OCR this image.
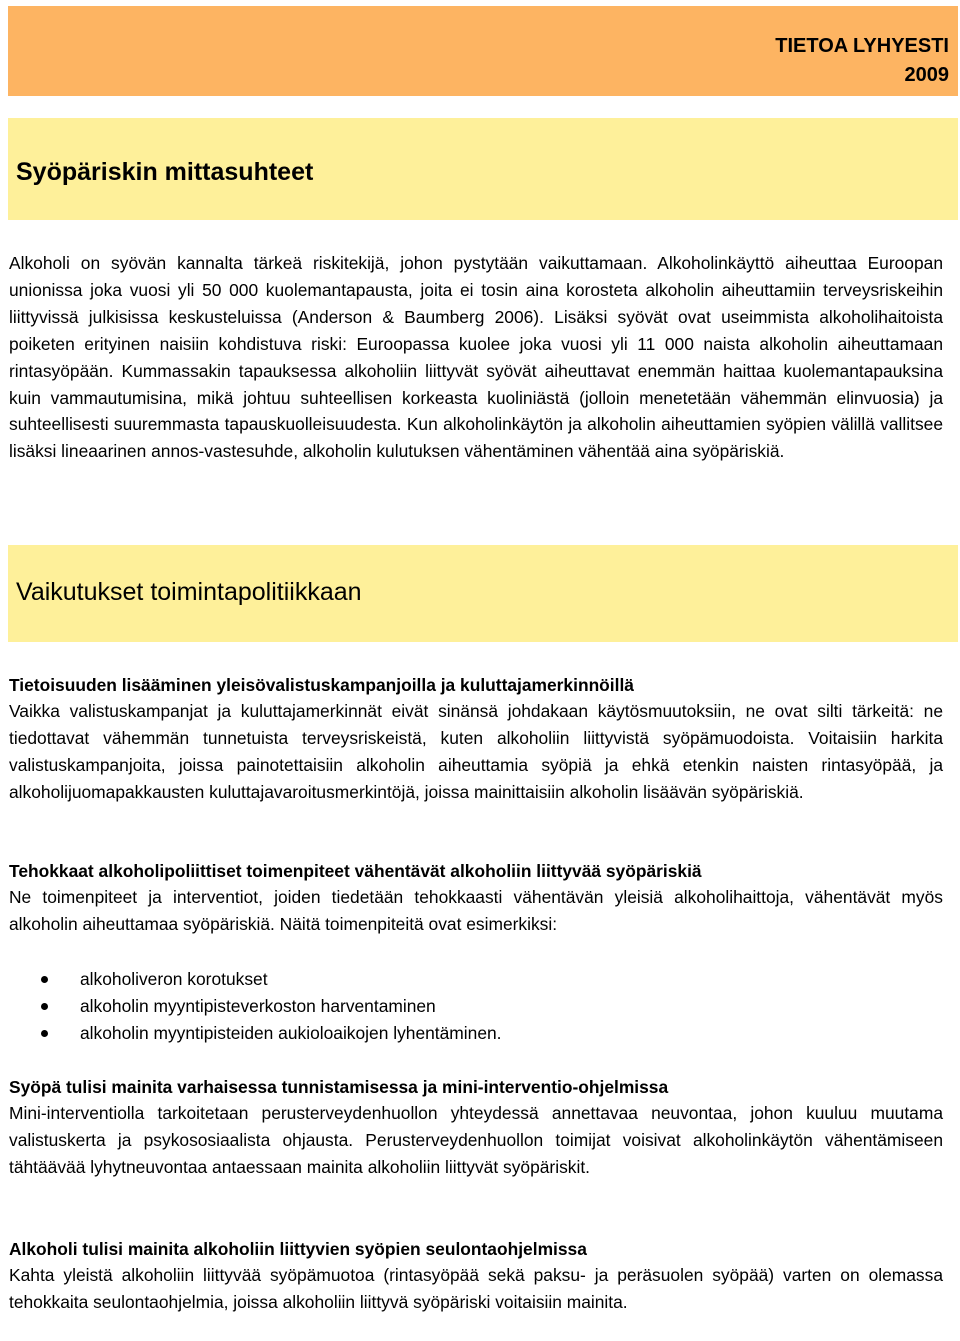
TIETOA LYHYESTI
2009
Syöpäriskin mittasuhteet

Alkoholi on syövän kannalta tärkeä riskitekijä, johon pystytään vaikuttamaan. Alkoholinkäyttö aiheuttaa Euroopan unionissa joka vuosi yli 50 000 kuolemantapausta, joita ei tosin aina korosteta alkoholin aiheuttamiin terveysriskeihin liittyvissä julkisissa keskusteluissa (Anderson & Baumberg 2006). Lisäksi syövät ovat useimmista alkoholihaitoista poiketen erityinen naisiin kohdistuva riski: Euroopassa kuolee joka vuosi yli 11 000 naista alkoholin aiheuttamaan rintasyöpään. Kummassakin tapauksessa alkoholiin liittyvät syövät aiheuttavat enemmän haittaa kuolemantapauksina kuin vammautumisina, mikä johtuu suhteellisen korkeasta kuoliniästä (jolloin menetetään vähemmän elinvuosia) ja suhteellisesti suuremmasta tapauskuolleisuudesta. Kun alkoholinkäytön ja alkoholin aiheuttamien syöpien välillä vallitsee lisäksi lineaarinen annos-vastesuhde, alkoholin kulutuksen vähentäminen vähentää aina syöpäriskiä.

Vaikutukset toimintapolitiikkaan
Tietoisuuden lisääminen yleisövalistuskampanjoilla ja kuluttajamerkinnöillä

Vaikka valistuskampanjat ja kuluttajamerkinnät eivät sinänsä johdakaan käytösmuutoksiin, ne ovat silti tärkeitä: ne tiedottavat vähemmän tunnetuista terveysriskeistä, kuten alkoholiin liittyvistä syöpämuodoista. Voitaisiin harkita valistuskampanjoita, joissa painotettaisiin alkoholin aiheuttamia syöpiä ja ehkä etenkin naisten rintasyöpää, ja alkoholijuomapakkausten kuluttajavaroitusmerkintöjä, joissa mainittaisiin alkoholin lisäävän syöpäriskiä.

Tehokkaat alkoholipoliittiset toimenpiteet vähentävät alkoholiin liittyvää syöpäriskiä

Ne toimenpiteet ja interventiot, joiden tiedetään tehokkaasti vähentävän yleisiä alkoholihaittoja, vähentävät myös alkoholin aiheuttamaa syöpäriskiä. Näitä toimenpiteitä ovat esimerkiksi:

alkoholiveron korotukset
alkoholin myyntipisteverkoston harventaminen
alkoholin myyntipisteiden aukioloaikojen lyhentäminen.
Syöpä tulisi mainita varhaisessa tunnistamisessa ja mini-interventio-ohjelmissa

Mini-interventiolla tarkoitetaan perusterveydenhuollon yhteydessä annettavaa neuvontaa, johon kuuluu muutama valistuskerta ja psykososiaalista ohjausta. Perusterveydenhuollon toimijat voisivat alkoholinkäytön vähentämiseen tähtäävää lyhytneuvontaa antaessaan mainita alkoholiin liittyvät syöpäriskit.

Alkoholi tulisi mainita alkoholiin liittyvien syöpien seulontaohjelmissa

Kahta yleistä alkoholiin liittyvää syöpämuotoa (rintasyöpää sekä paksu- ja peräsuolen syöpää) varten on olemassa tehokkaita seulontaohjelmia, joissa alkoholiin liittyvä syöpäriski voitaisiin mainita.
